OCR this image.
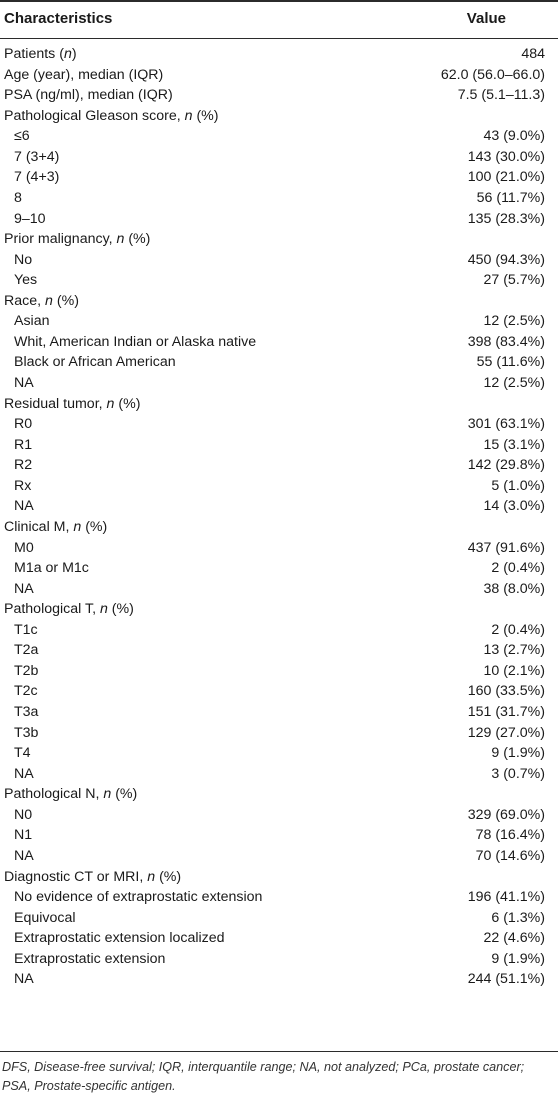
Characteristics	Value
Patients (n)	484
Age (year), median (IQR)	62.0 (56.0–66.0)
PSA (ng/ml), median (IQR)	7.5 (5.1–11.3)
Pathological Gleason score, n (%)
≤6	43 (9.0%)
7 (3+4)	143 (30.0%)
7 (4+3)	100 (21.0%)
8	56 (11.7%)
9–10	135 (28.3%)
Prior malignancy, n (%)
No	450 (94.3%)
Yes	27 (5.7%)
Race, n (%)
Asian	12 (2.5%)
Whit, American Indian or Alaska native	398 (83.4%)
Black or African American	55 (11.6%)
NA	12 (2.5%)
Residual tumor, n (%)
R0	301 (63.1%)
R1	15 (3.1%)
R2	142 (29.8%)
Rx	5 (1.0%)
NA	14 (3.0%)
Clinical M, n (%)
M0	437 (91.6%)
M1a or M1c	2 (0.4%)
NA	38 (8.0%)
Pathological T, n (%)
T1c	2 (0.4%)
T2a	13 (2.7%)
T2b	10 (2.1%)
T2c	160 (33.5%)
T3a	151 (31.7%)
T3b	129 (27.0%)
T4	9 (1.9%)
NA	3 (0.7%)
Pathological N, n (%)
N0	329 (69.0%)
N1	78 (16.4%)
NA	70 (14.6%)
Diagnostic CT or MRI, n (%)
No evidence of extraprostatic extension	196 (41.1%)
Equivocal	6 (1.3%)
Extraprostatic extension localized	22 (4.6%)
Extraprostatic extension	9 (1.9%)
NA	244 (51.1%)
DFS, Disease-free survival; IQR, interquantile range; NA, not analyzed; PCa, prostate cancer; PSA, Prostate-specific antigen.
